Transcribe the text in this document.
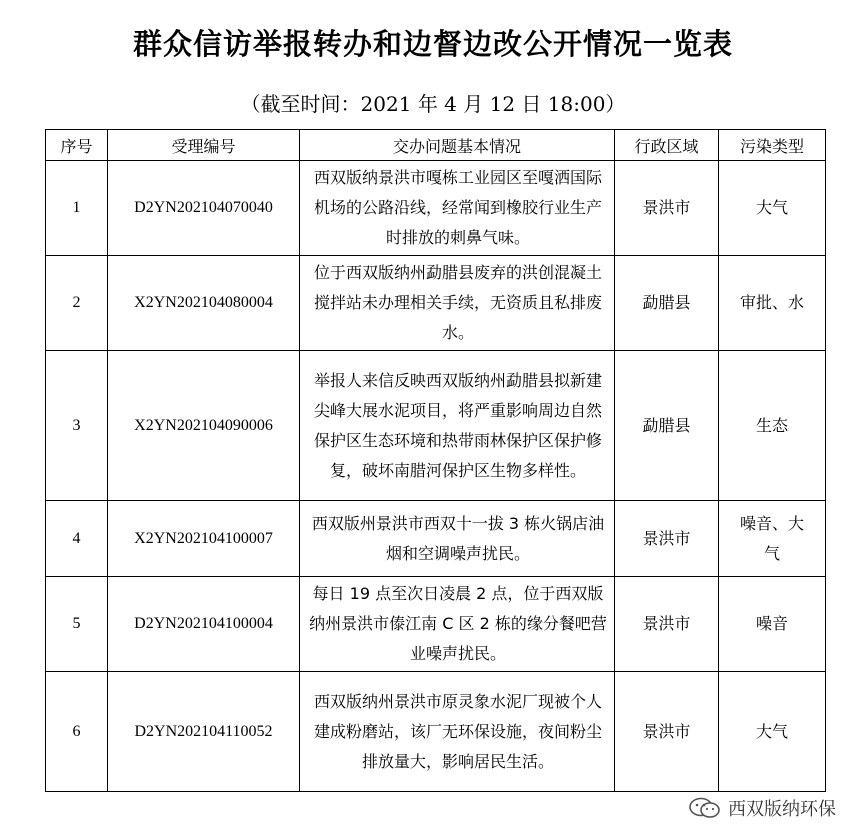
群众信访举报转办和边督边改公开情况一览表
（截至时间：2021 年 4 月 12 日 18:00）
序号	受理编号	交办问题基本情况	行政区域	污染类型
1	D2YN202104070040	西双版纳景洪市嘎栋工业园区至嘎洒国际机场的公路沿线，经常闻到橡胶行业生产时排放的刺鼻气味。	景洪市	大气
2	X2YN202104080004	位于西双版纳州勐腊县废弃的洪创混凝土搅拌站未办理相关手续，无资质且私排废水。	勐腊县	审批、水
3	X2YN202104090006	举报人来信反映西双版纳州勐腊县拟新建尖峰大展水泥项目，将严重影响周边自然保护区生态环境和热带雨林保护区保护修复，破坏南腊河保护区生物多样性。	勐腊县	生态
4	X2YN202104100007	西双版州景洪市西双十一拔 3 栋火锅店油烟和空调噪声扰民。	景洪市	噪音、大气
5	D2YN202104100004	每日 19 点至次日凌晨 2 点，位于西双版纳州景洪市傣江南 C 区 2 栋的缘分餐吧营业噪声扰民。	景洪市	噪音
6	D2YN202104110052	西双版纳州景洪市原灵象水泥厂现被个人建成粉磨站，该厂无环保设施，夜间粉尘排放量大，影响居民生活。	景洪市	大气
西双版纳环保
